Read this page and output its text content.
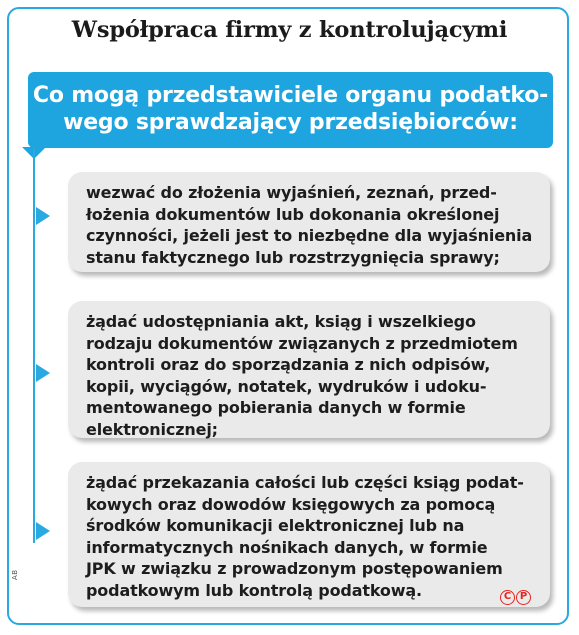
Współpraca firmy z kontrolującymi
Co mogą przedstawiciele organu podatko-
wego sprawdzający przedsiębiorców:
wezwać do złożenia wyjaśnień, zeznań, przed-
łożenia dokumentów lub dokonania określonej
czynności, jeżeli jest to niezbędne dla wyjaśnienia
stanu faktycznego lub rozstrzygnięcia sprawy;
żądać udostępniania akt, ksiąg i wszelkiego
rodzaju dokumentów związanych z przedmiotem
kontroli oraz do sporządzania z nich odpisów,
kopii, wyciągów, notatek, wydruków i udoku-
mentowanego pobierania danych w formie
elektronicznej;
żądać przekazania całości lub części ksiąg podat-
kowych oraz dowodów księgowych za pomocą
środków komunikacji elektronicznej lub na
informatycznych nośnikach danych, w formie
JPK w związku z prowadzonym postępowaniem
podatkowym lub kontrolą podatkową.
AB
C P
